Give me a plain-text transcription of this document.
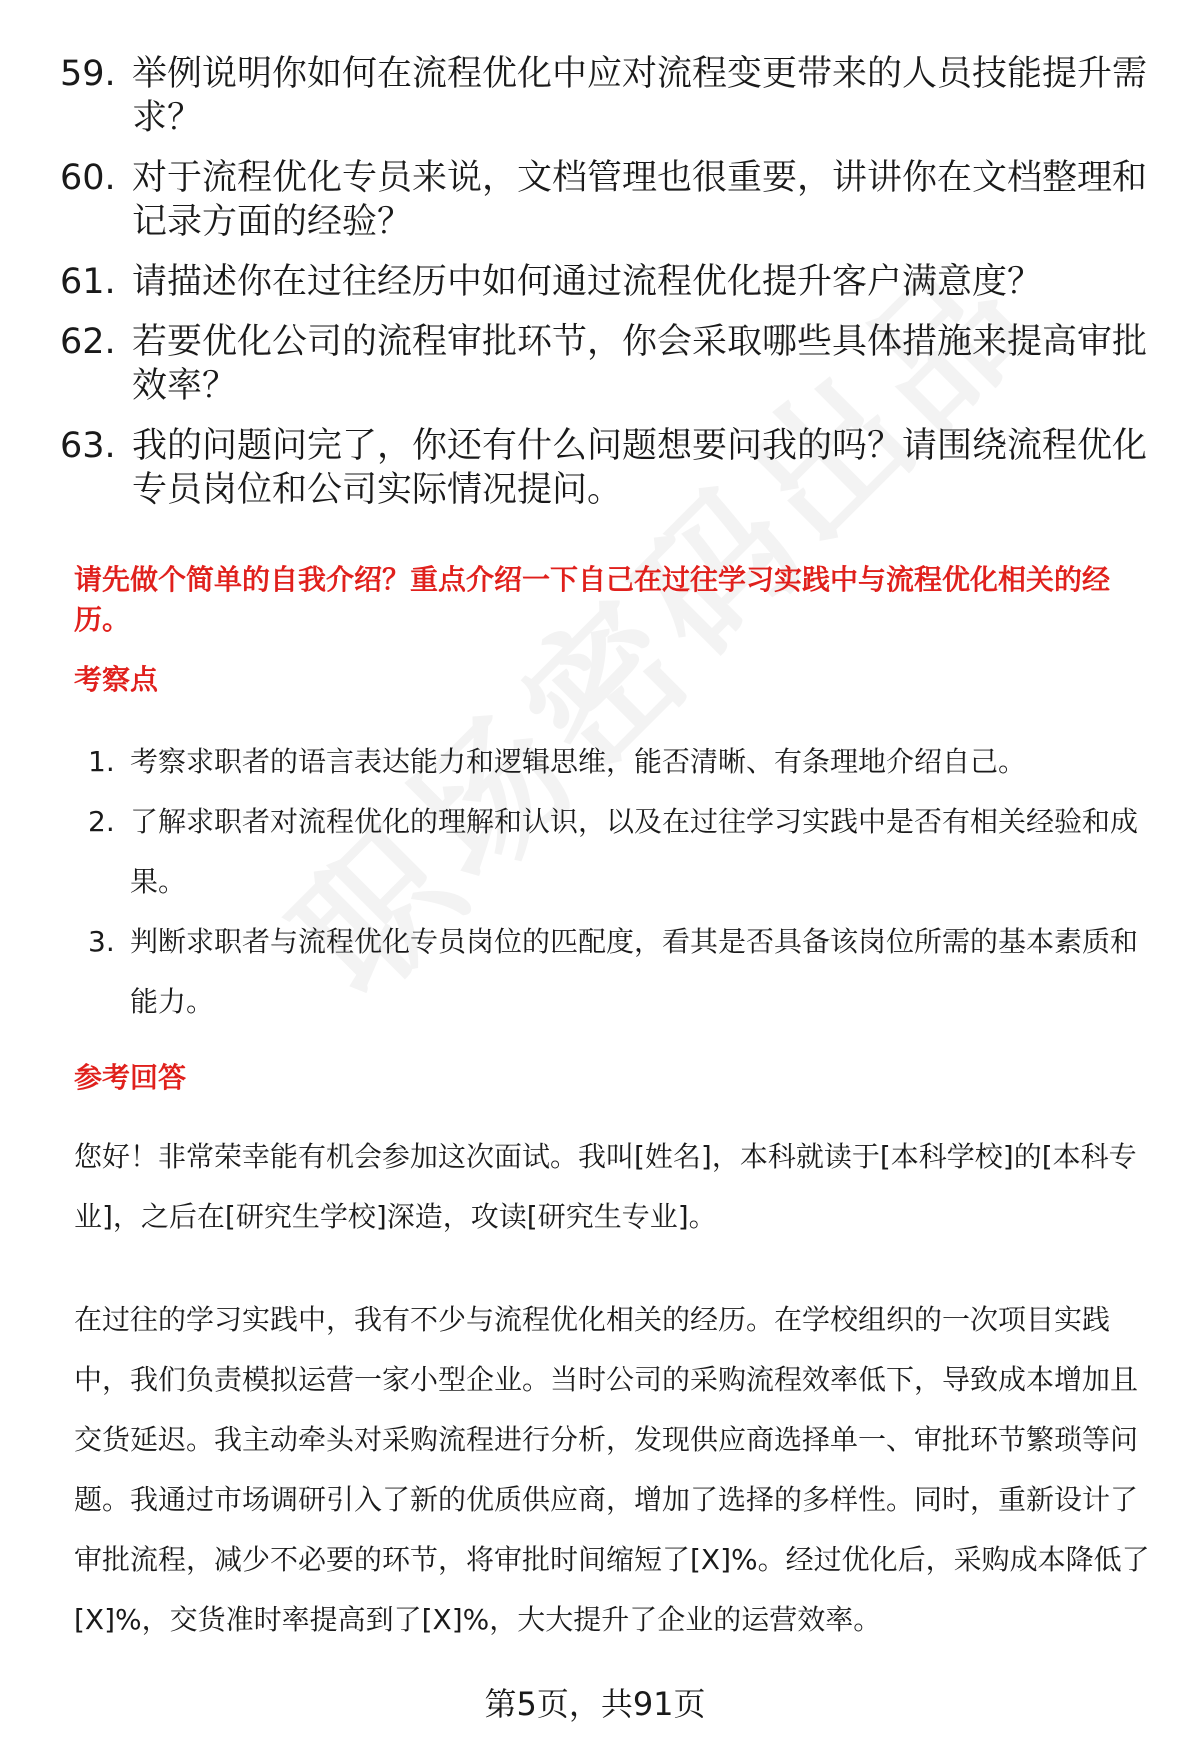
59. 举例说明你如何在流程优化中应对流程变更带来的人员技能提升需求？
60. 对于流程优化专员来说，文档管理也很重要，讲讲你在文档整理和记录方面的经验？
61. 请描述你在过往经历中如何通过流程优化提升客户满意度？
62. 若要优化公司的流程审批环节，你会采取哪些具体措施来提高审批效率？
63. 我的问题问完了，你还有什么问题想要问我的吗？请围绕流程优化专员岗位和公司实际情况提问。
请先做个简单的自我介绍？重点介绍一下自己在过往学习实践中与流程优化相关的经历。
考察点
1. 考察求职者的语言表达能力和逻辑思维，能否清晰、有条理地介绍自己。
2. 了解求职者对流程优化的理解和认识，以及在过往学习实践中是否有相关经验和成果。
3. 判断求职者与流程优化专员岗位的匹配度，看其是否具备该岗位所需的基本素质和能力。
参考回答
您好！非常荣幸能有机会参加这次面试。我叫[姓名]，本科就读于[本科学校]的[本科专业]，之后在[研究生学校]深造，攻读[研究生专业]。
在过往的学习实践中，我有不少与流程优化相关的经历。在学校组织的一次项目实践中，我们负责模拟运营一家小型企业。当时公司的采购流程效率低下，导致成本增加且交货延迟。我主动牵头对采购流程进行分析，发现供应商选择单一、审批环节繁琐等问题。我通过市场调研引入了新的优质供应商，增加了选择的多样性。同时，重新设计了审批流程，减少不必要的环节，将审批时间缩短了[X]%。经过优化后，采购成本降低了[X]%，交货准时率提高到了[X]%，大大提升了企业的运营效率。
第5页，共91页
